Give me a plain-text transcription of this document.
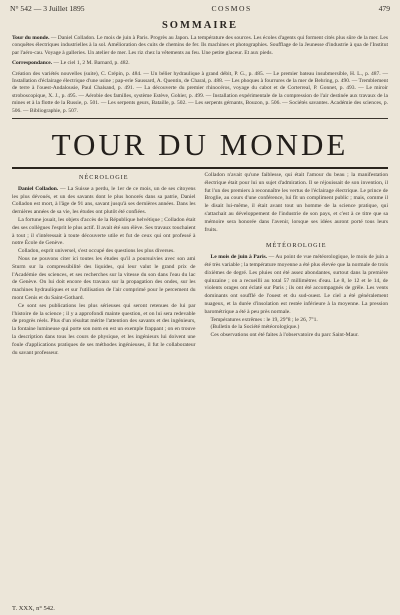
N° 542 — 3 Juillet 1895	COSMOS	479
SOMMAIRE
Tour du monde. — Daniel Colladon. Le mois de juin à Paris. Progrès au Japon. La température des sources. Les écoles d'agents qui forment cités plus sûre de la mer. Les conquêtes électriques industrielles à la sol. Amélioration des cuits de chemins de fer. Ils machines et photographies. Soufflage de la Jeunesse d'industrie à qua de l'Institut par l'aéro-cau. Voyage à galleries. Un atelier de mer. Les riz chez la vêtements au feu. Une petite glaceur. Et aux pieds.
Correspondance. — Le ciel 1, 2 M. Barnard, p. 482.
Création des variétés nouvelles (suite), C. Crépin, p. 484. — Un bélier hydraulique à grand débit, P. G., p. 485. — Le premier bateau insubmersible, H. L., p. 487. — Installation d'éclairage électrique d'une usine ; pap-erie Saussard, A. Quentin, de Charal, p. 488. — Les phoques à fourrures de la mer de Behring, p. 490. — Tremblement de terre à l'ouest-Andalousie, Paul Chalsand, p. 491. — La découverte du premier rhinocéros, voyage du cabot et de Corterreal, P. Gonnet, p. 493. — Le miroir stroboscopique, X. J., p. 495. — Aérobie des familles, système Estève, Gohier, p. 499. — Installation expérimentale de la compression de l'air destinée aux travaux de la mines et à la flotte de la Russie, p. 501. — Les serpents geurs, Bataille, p. 502. — Les serpents gérnants, Bouzon, p. 506. — Sociétés savantes. Académie des sciences, p. 506. — Bibliographie, p. 507.
TOUR DU MONDE
NÉCROLOGIE

Daniel Colladon. — La Suisse a perdu, le 1er de ce mois, un de ses citoyens les plus dévoués, et un des savants dont le plus honorés dans sa patrie, Daniel Colladon est mort, à l'âge de 91 ans, savant jusqu'à ses dernières années. Dans les dernières années de sa vie, les études ont plutôt été confiées.

La fortune jouait, les objets d'accès de la République helvétique ; Colladon était des ses collègues l'esprit le plus actif. Il avait été son élève. Ses travaux touchaient à tout ; il s'intéressait à toute découverte utile et fut de ceux qui ont professé à notre École de Genève.

Colladon, esprit universel, s'est occupé des questions les plus diverses.

Nous ne pouvons citer ici toutes les études qu'il a poursuivies avec son ami Sturm sur la compressibilité des liquides, qui leur valut le grand prix de l'Académie des sciences, et ses recherches sur la vitesse du son dans l'eau du lac de Genève. On lui doit encore des travaux sur la propagation des ondes, sur les machines hydrauliques et sur l'utilisation de l'air comprimé pour le percement du mont Cenis et du Saint-Gothard.

Ce sont ses publications les plus sérieuses qui seront retenues de lui par l'histoire de la science ; il y a approfondi mainte question, et on lui sera redevable de progrès réels. Plus d'un résultat mérite l'attention des savants et des ingénieurs, la fontaine lumineuse qui porte son nom en est un exemple frappant ; on en trouve la description dans tous les cours de physique, et les ingénieurs lui doivent une foule d'applications pratiques de ses méthodes ingénieuses, il fut le collaborateur du savant professeur.

Colladon n'avait qu'une faiblesse, qui était l'amour du beau ; la manifestation électrique était pour lui un sujet d'admiration. Il se réjouissait de son invention, il fut l'un des premiers à reconnaître les vertus de l'éclairage électrique. Le prince de Broglie, au cours d'une conférence, lui fit un compliment public ; mais, comme il le disait lui-même, il était avant tout un homme de la science pratique, qui s'attachait au développement de l'industrie de son pays, et c'est à ce titre que sa mémoire sera honorée dans l'avenir, lorsque ses idées auront porté tous leurs fruits.

MÉTÉOROLOGIE

Le mois de juin à Paris. — Au point de vue météorologique, le mois de juin a été très variable ; la température moyenne a été plus élevée que la normale de trois dixièmes de degré. Les pluies ont été assez abondantes, surtout dans la première quinzaine ; on a recueilli au total 57 millimètres d'eau. Le 8, le 12 et le 14, de violents orages ont éclaté sur Paris ; ils ont été accompagnés de grêle. Les vents dominants ont soufflé de l'ouest et du sud-ouest. Le ciel a été généralement nuageux, et la durée d'insolation est restée inférieure à la moyenne. La pression barométrique a été à peu près normale.

Températures extrêmes : le 19, 29°8 ; le 26, 7°1.

(Bulletin de la Société météorologique.)

Ces observations ont été faites à l'observatoire du parc Saint-Maur.

T. XXX, n° 542.
